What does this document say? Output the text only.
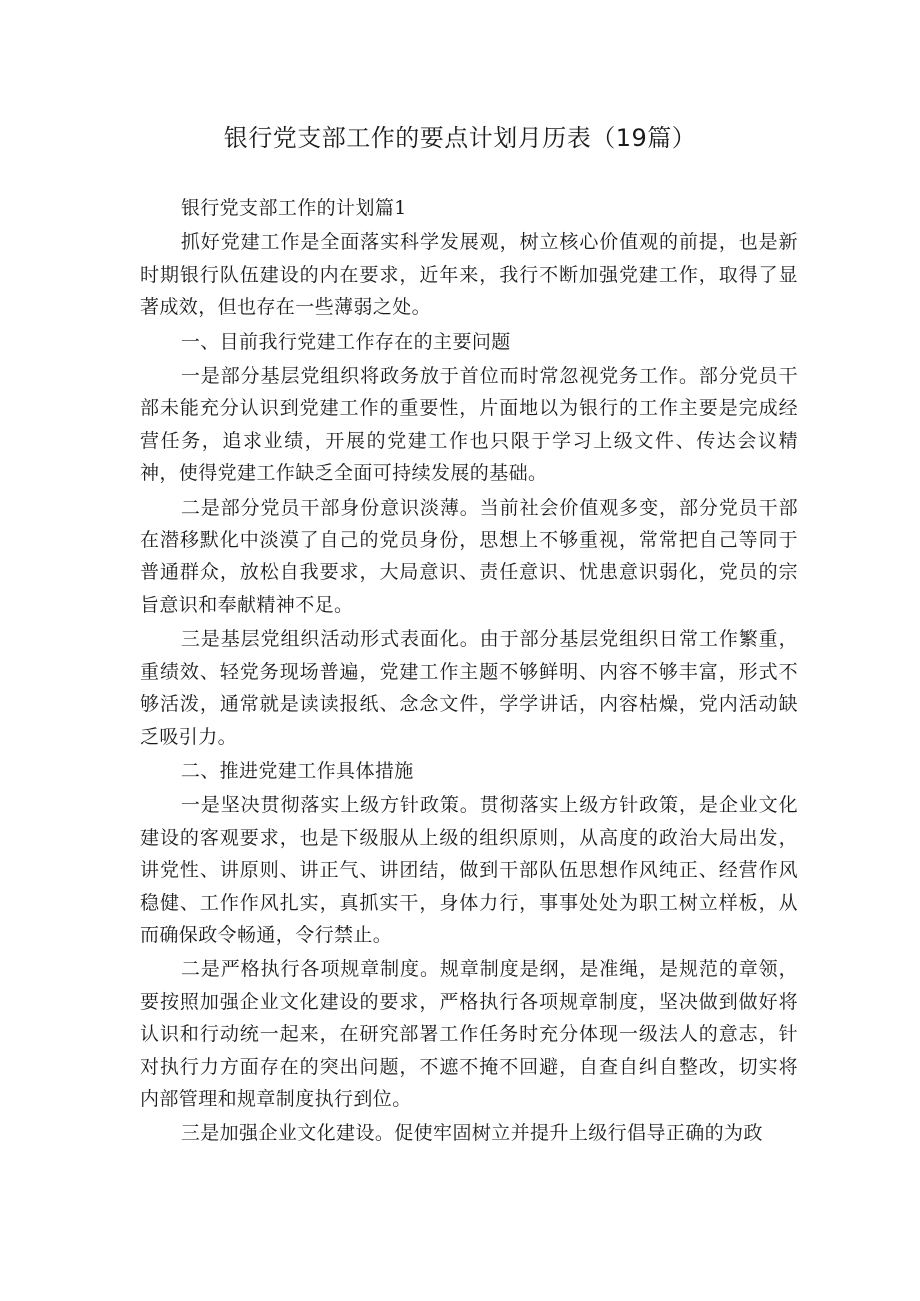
银行党支部工作的要点计划月历表（19篇）

银行党支部工作的计划篇1

抓好党建工作是全面落实科学发展观，树立核心价值观的前提，也是新时期银行队伍建设的内在要求，近年来，我行不断加强党建工作，取得了显著成效，但也存在一些薄弱之处。

一、目前我行党建工作存在的主要问题

一是部分基层党组织将政务放于首位而时常忽视党务工作。部分党员干部未能充分认识到党建工作的重要性，片面地以为银行的工作主要是完成经营任务，追求业绩，开展的党建工作也只限于学习上级文件、传达会议精神，使得党建工作缺乏全面可持续发展的基础。

二是部分党员干部身份意识淡薄。当前社会价值观多变，部分党员干部在潜移默化中淡漠了自己的党员身份，思想上不够重视，常常把自己等同于普通群众，放松自我要求，大局意识、责任意识、忧患意识弱化，党员的宗旨意识和奉献精神不足。

三是基层党组织活动形式表面化。由于部分基层党组织日常工作繁重，重绩效、轻党务现场普遍，党建工作主题不够鲜明、内容不够丰富，形式不够活泼，通常就是读读报纸、念念文件，学学讲话，内容枯燥，党内活动缺乏吸引力。

二、推进党建工作具体措施

一是坚决贯彻落实上级方针政策。贯彻落实上级方针政策，是企业文化建设的客观要求，也是下级服从上级的组织原则，从高度的政治大局出发，讲党性、讲原则、讲正气、讲团结，做到干部队伍思想作风纯正、经营作风稳健、工作作风扎实，真抓实干，身体力行，事事处处为职工树立样板，从而确保政令畅通，令行禁止。

二是严格执行各项规章制度。规章制度是纲，是准绳，是规范的章领，要按照加强企业文化建设的要求，严格执行各项规章制度，坚决做到做好将认识和行动统一起来，在研究部署工作任务时充分体现一级法人的意志，针对执行力方面存在的突出问题，不遮不掩不回避，自查自纠自整改，切实将内部管理和规章制度执行到位。

三是加强企业文化建设。促使牢固树立并提升上级行倡导正确的为政
